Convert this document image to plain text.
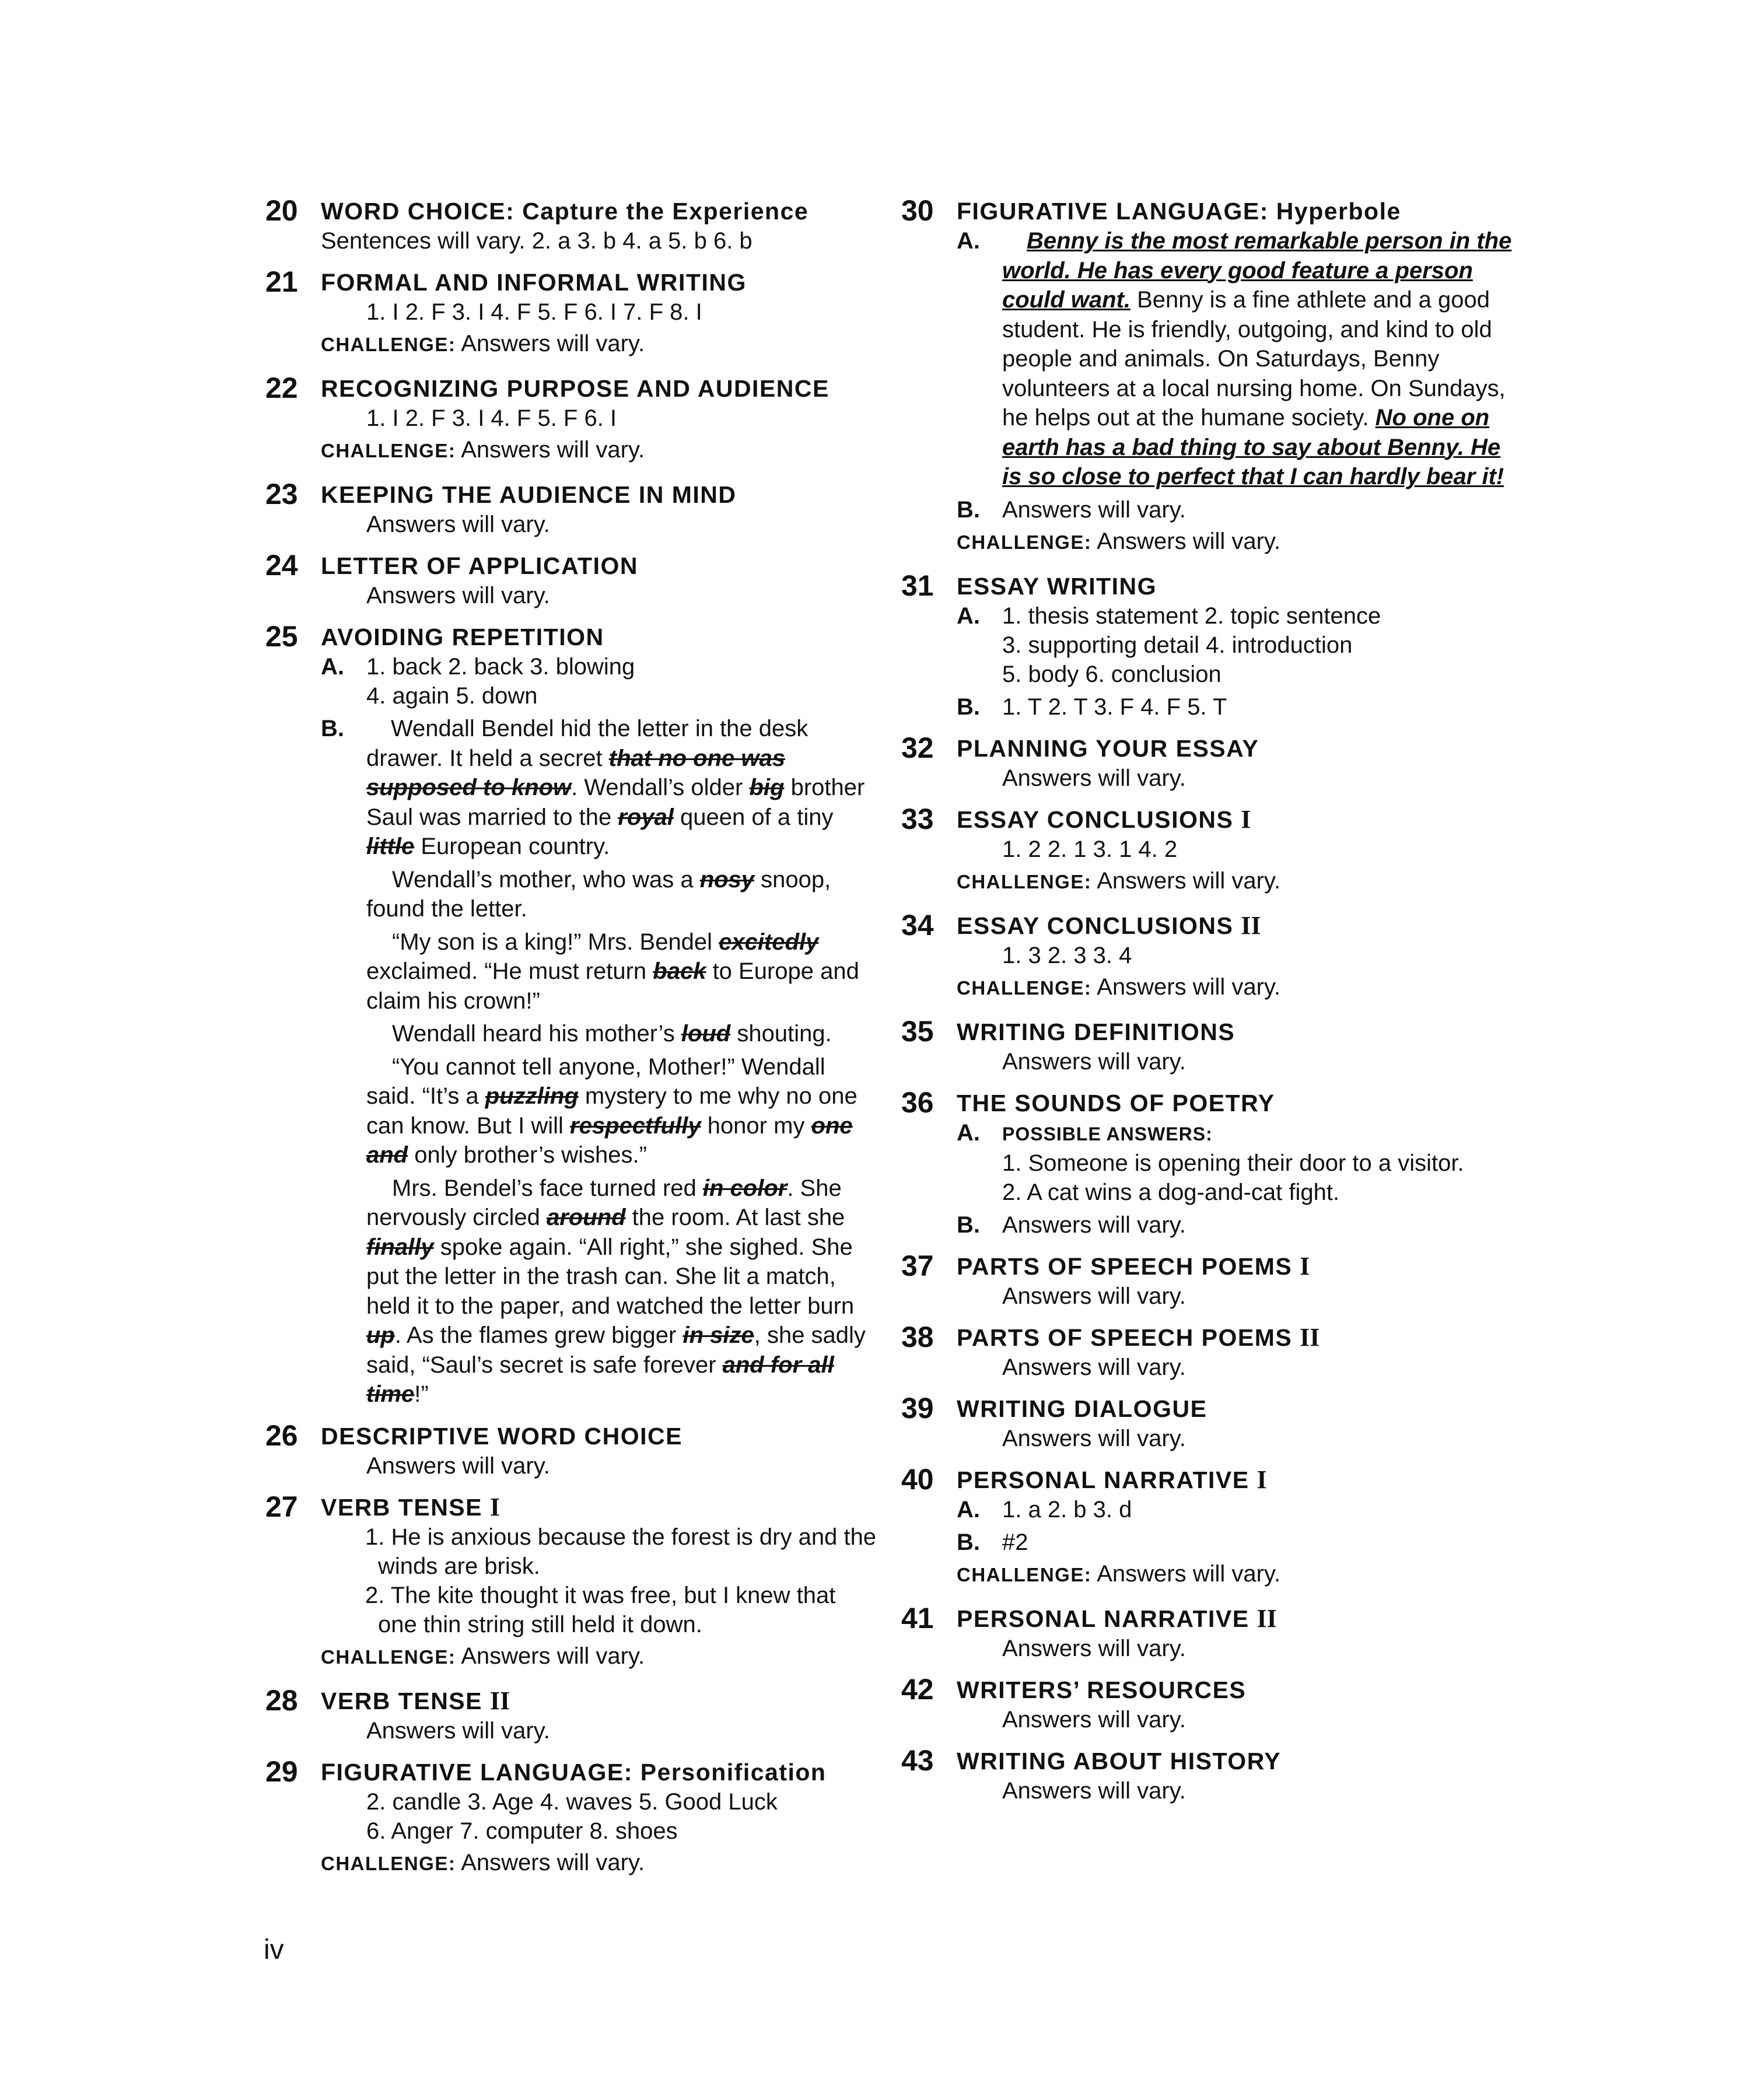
20 WORD CHOICE: Capture the Experience
Sentences will vary. 2. a 3. b 4. a 5. b 6. b
21 FORMAL AND INFORMAL WRITING
1. I 2. F 3. I 4. F 5. F 6. I 7. F 8. I
CHALLENGE: Answers will vary.
22 RECOGNIZING PURPOSE AND AUDIENCE
1. I 2. F 3. I 4. F 5. F 6. I
CHALLENGE: Answers will vary.
23 KEEPING THE AUDIENCE IN MIND
Answers will vary.
24 LETTER OF APPLICATION
Answers will vary.
25 AVOIDING REPETITION
A. 1. back 2. back 3. blowing
4. again 5. down
B.	Wendall Bendel hid the letter in the desk drawer. It held a secret that no one was supposed to know. Wendall’s older big brother Saul was married to the royal queen of a tiny little European country.
Wendall’s mother, who was a nosy snoop, found the letter.
“My son is a king!” Mrs. Bendel excitedly exclaimed. “He must return back to Europe and claim his crown!”
Wendall heard his mother’s loud shouting.
“You cannot tell anyone, Mother!” Wendall said. “It’s a puzzling mystery to me why no one can know. But I will respectfully honor my one and only brother’s wishes.”
Mrs. Bendel’s face turned red in color. She nervously circled around the room. At last she finally spoke again. “All right,” she sighed. She put the letter in the trash can. She lit a match, held it to the paper, and watched the letter burn up. As the flames grew bigger in size, she sadly said, “Saul’s secret is safe forever and for all time!”
26 DESCRIPTIVE WORD CHOICE
Answers will vary.
27 VERB TENSE I
1. He is anxious because the forest is dry and the winds are brisk.
2. The kite thought it was free, but I knew that one thin string still held it down.
CHALLENGE: Answers will vary.
28 VERB TENSE II
Answers will vary.
29 FIGURATIVE LANGUAGE: Personification
2. candle 3. Age 4. waves 5. Good Luck
6. Anger 7. computer 8. shoes
CHALLENGE: Answers will vary.
30 FIGURATIVE LANGUAGE: Hyperbole
A.	Benny is the most remarkable person in the world. He has every good feature a person could want. Benny is a fine athlete and a good student. He is friendly, outgoing, and kind to old people and animals. On Saturdays, Benny volunteers at a local nursing home. On Sundays, he helps out at the humane society. No one on earth has a bad thing to say about Benny. He is so close to perfect that I can hardly bear it!
B. Answers will vary.
CHALLENGE: Answers will vary.
31 ESSAY WRITING
A. 1. thesis statement 2. topic sentence
3. supporting detail 4. introduction
5. body 6. conclusion
B. 1. T 2. T 3. F 4. F 5. T
32 PLANNING YOUR ESSAY
Answers will vary.
33 ESSAY CONCLUSIONS I
1. 2 2. 1 3. 1 4. 2
CHALLENGE: Answers will vary.
34 ESSAY CONCLUSIONS II
1. 3 2. 3 3. 4
CHALLENGE: Answers will vary.
35 WRITING DEFINITIONS
Answers will vary.
36 THE SOUNDS OF POETRY
A. POSSIBLE ANSWERS:
1. Someone is opening their door to a visitor.
2. A cat wins a dog-and-cat fight.
B. Answers will vary.
37 PARTS OF SPEECH POEMS I
Answers will vary.
38 PARTS OF SPEECH POEMS II
Answers will vary.
39 WRITING DIALOGUE
Answers will vary.
40 PERSONAL NARRATIVE I
A. 1. a 2. b 3. d
B. #2
CHALLENGE: Answers will vary.
41 PERSONAL NARRATIVE II
Answers will vary.
42 WRITERS’ RESOURCES
Answers will vary.
43 WRITING ABOUT HISTORY
Answers will vary.
iv
